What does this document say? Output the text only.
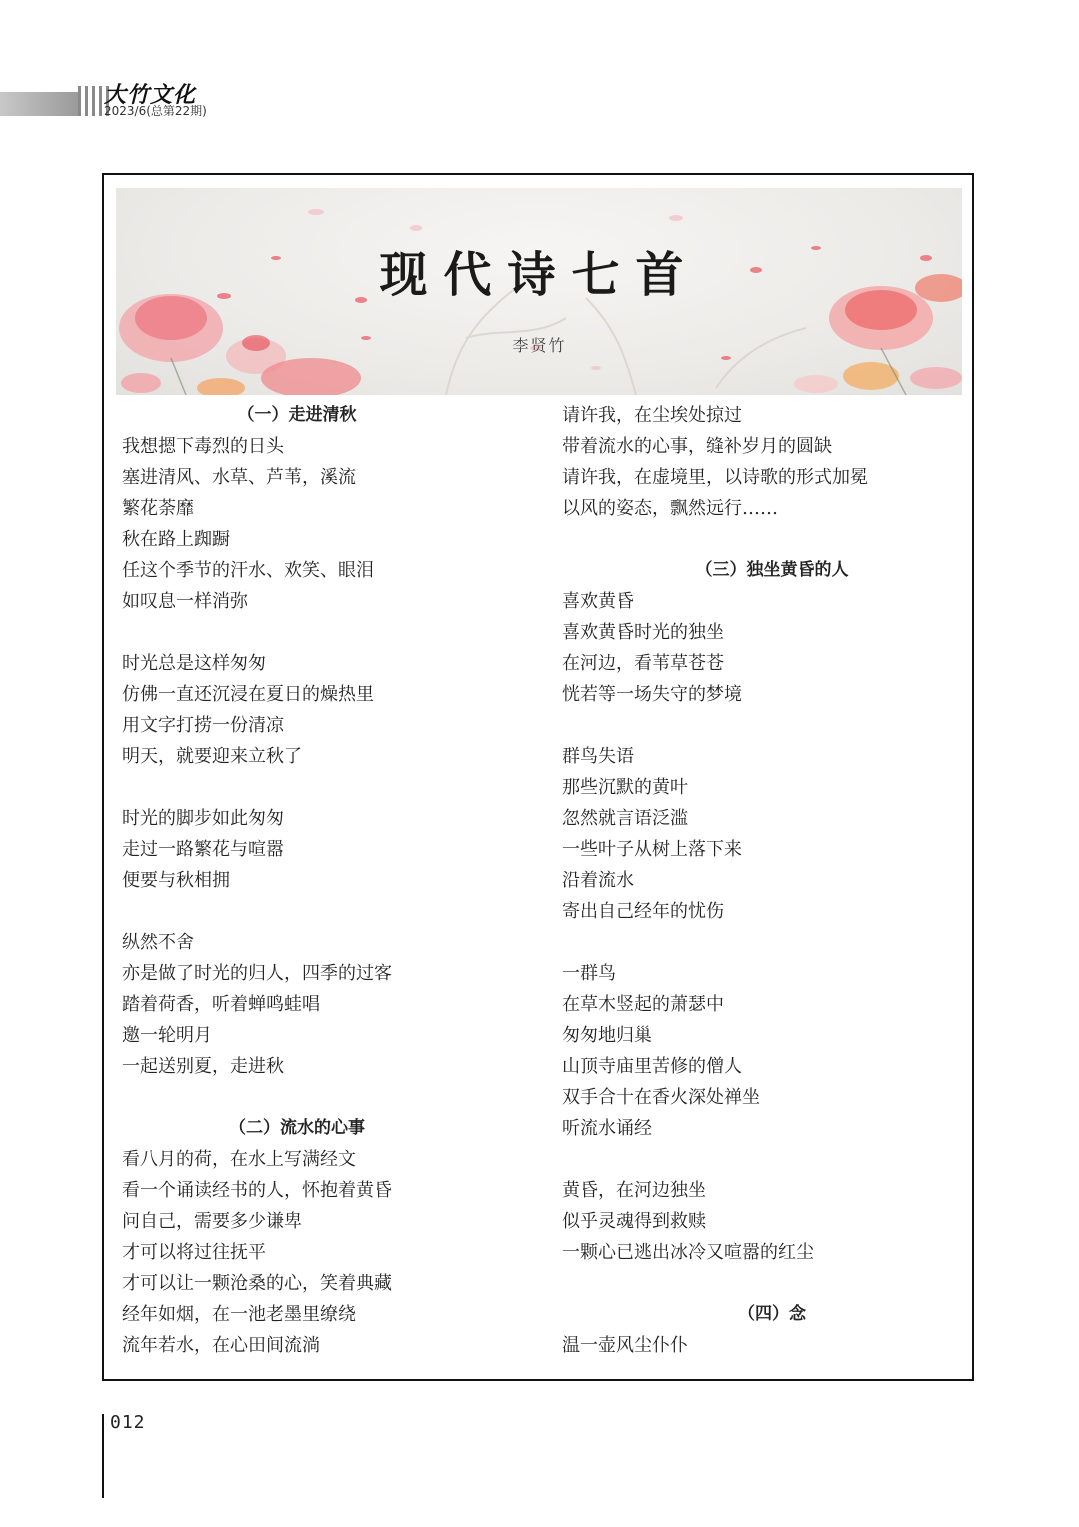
大竹文化
2023/6(总第22期)
现代诗七首
李贤竹
（一）走进清秋
我想摁下毒烈的日头
塞进清风、水草、芦苇，溪流
繁花荼靡
秋在路上踟蹰
任这个季节的汗水、欢笑、眼泪
如叹息一样消弥
时光总是这样匆匆
仿佛一直还沉浸在夏日的燥热里
用文字打捞一份清凉
明天，就要迎来立秋了
时光的脚步如此匆匆
走过一路繁花与喧嚣
便要与秋相拥
纵然不舍
亦是做了时光的归人，四季的过客
踏着荷香，听着蝉鸣蛙唱
邀一轮明月
一起送别夏，走进秋
（二）流水的心事
看八月的荷，在水上写满经文
看一个诵读经书的人，怀抱着黄昏
问自己，需要多少谦卑
才可以将过往抚平
才可以让一颗沧桑的心，笑着典藏
经年如烟，在一池老墨里缭绕
流年若水，在心田间流淌
请许我，在尘埃处掠过
带着流水的心事，缝补岁月的圆缺
请许我，在虚境里，以诗歌的形式加冕
以风的姿态，飘然远行……
（三）独坐黄昏的人
喜欢黄昏
喜欢黄昏时光的独坐
在河边，看苇草苍苍
恍若等一场失守的梦境
群鸟失语
那些沉默的黄叶
忽然就言语泛滥
一些叶子从树上落下来
沿着流水
寄出自己经年的忧伤
一群鸟
在草木竖起的萧瑟中
匆匆地归巢
山顶寺庙里苦修的僧人
双手合十在香火深处禅坐
听流水诵经
黄昏，在河边独坐
似乎灵魂得到救赎
一颗心已逃出冰冷又喧嚣的红尘
（四）念
温一壶风尘仆仆
012
